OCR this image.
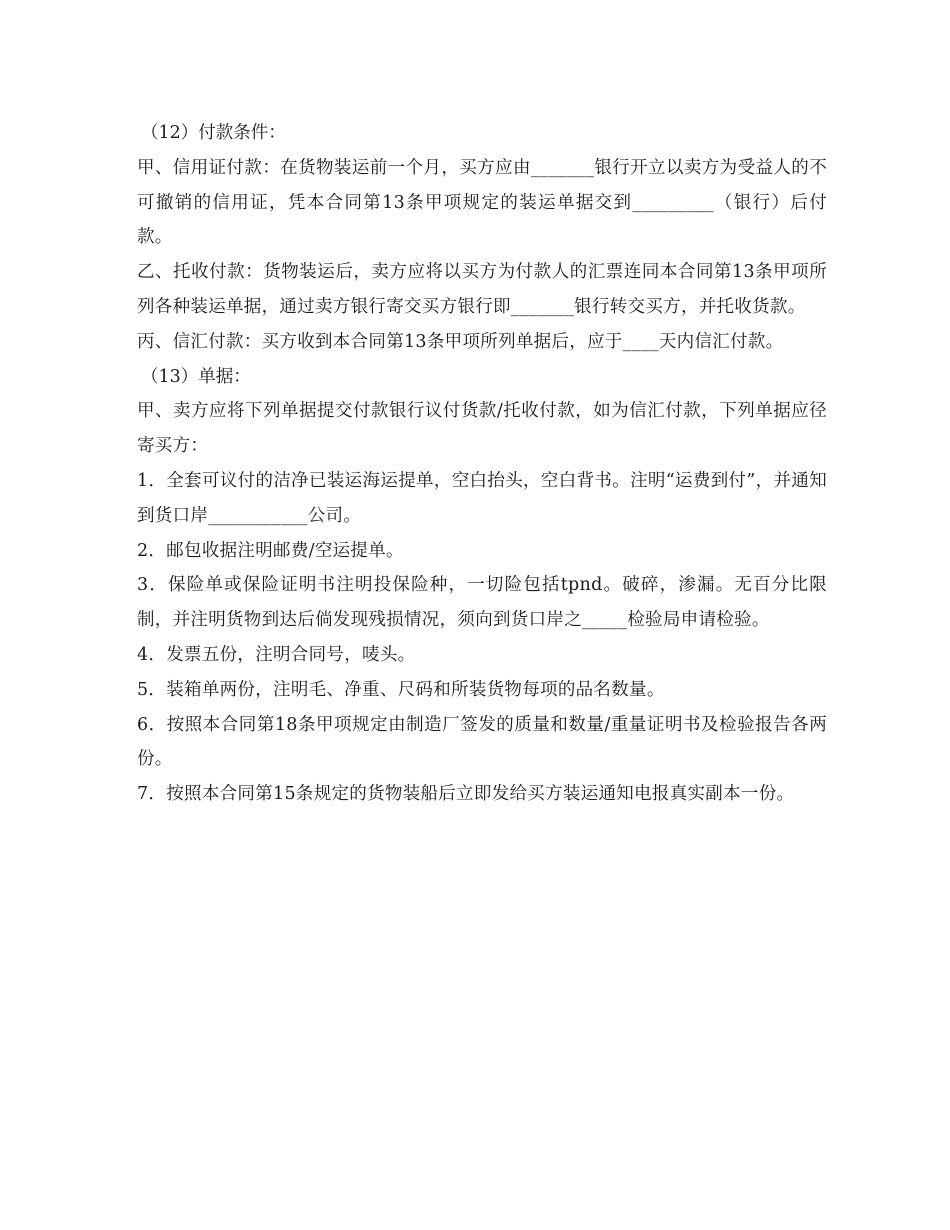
（12）付款条件：

甲、信用证付款：在货物装运前一个月，买方应由_______银行开立以卖方为受益人的不可撤销的信用证，凭本合同第13条甲项规定的装运单据交到_________（银行）后付款。

乙、托收付款：货物装运后，卖方应将以买方为付款人的汇票连同本合同第13条甲项所列各种装运单据，通过卖方银行寄交买方银行即_______银行转交买方，并托收货款。

丙、信汇付款：买方收到本合同第13条甲项所列单据后，应于____天内信汇付款。

（13）单据：

甲、卖方应将下列单据提交付款银行议付货款/托收付款，如为信汇付款，下列单据应径寄买方：

1．全套可议付的洁净已装运海运提单，空白抬头，空白背书。注明“运费到付”，并通知到货口岸___________公司。

2．邮包收据注明邮费/空运提单。

3．保险单或保险证明书注明投保险种，一切险包括tpnd。破碎，渗漏。无百分比限制，并注明货物到达后倘发现残损情况，须向到货口岸之_____检验局申请检验。

4．发票五份，注明合同号，唛头。

5．装箱单两份，注明毛、净重、尺码和所装货物每项的品名数量。

6．按照本合同第18条甲项规定由制造厂签发的质量和数量/重量证明书及检验报告各两份。

7．按照本合同第15条规定的货物装船后立即发给买方装运通知电报真实副本一份。
